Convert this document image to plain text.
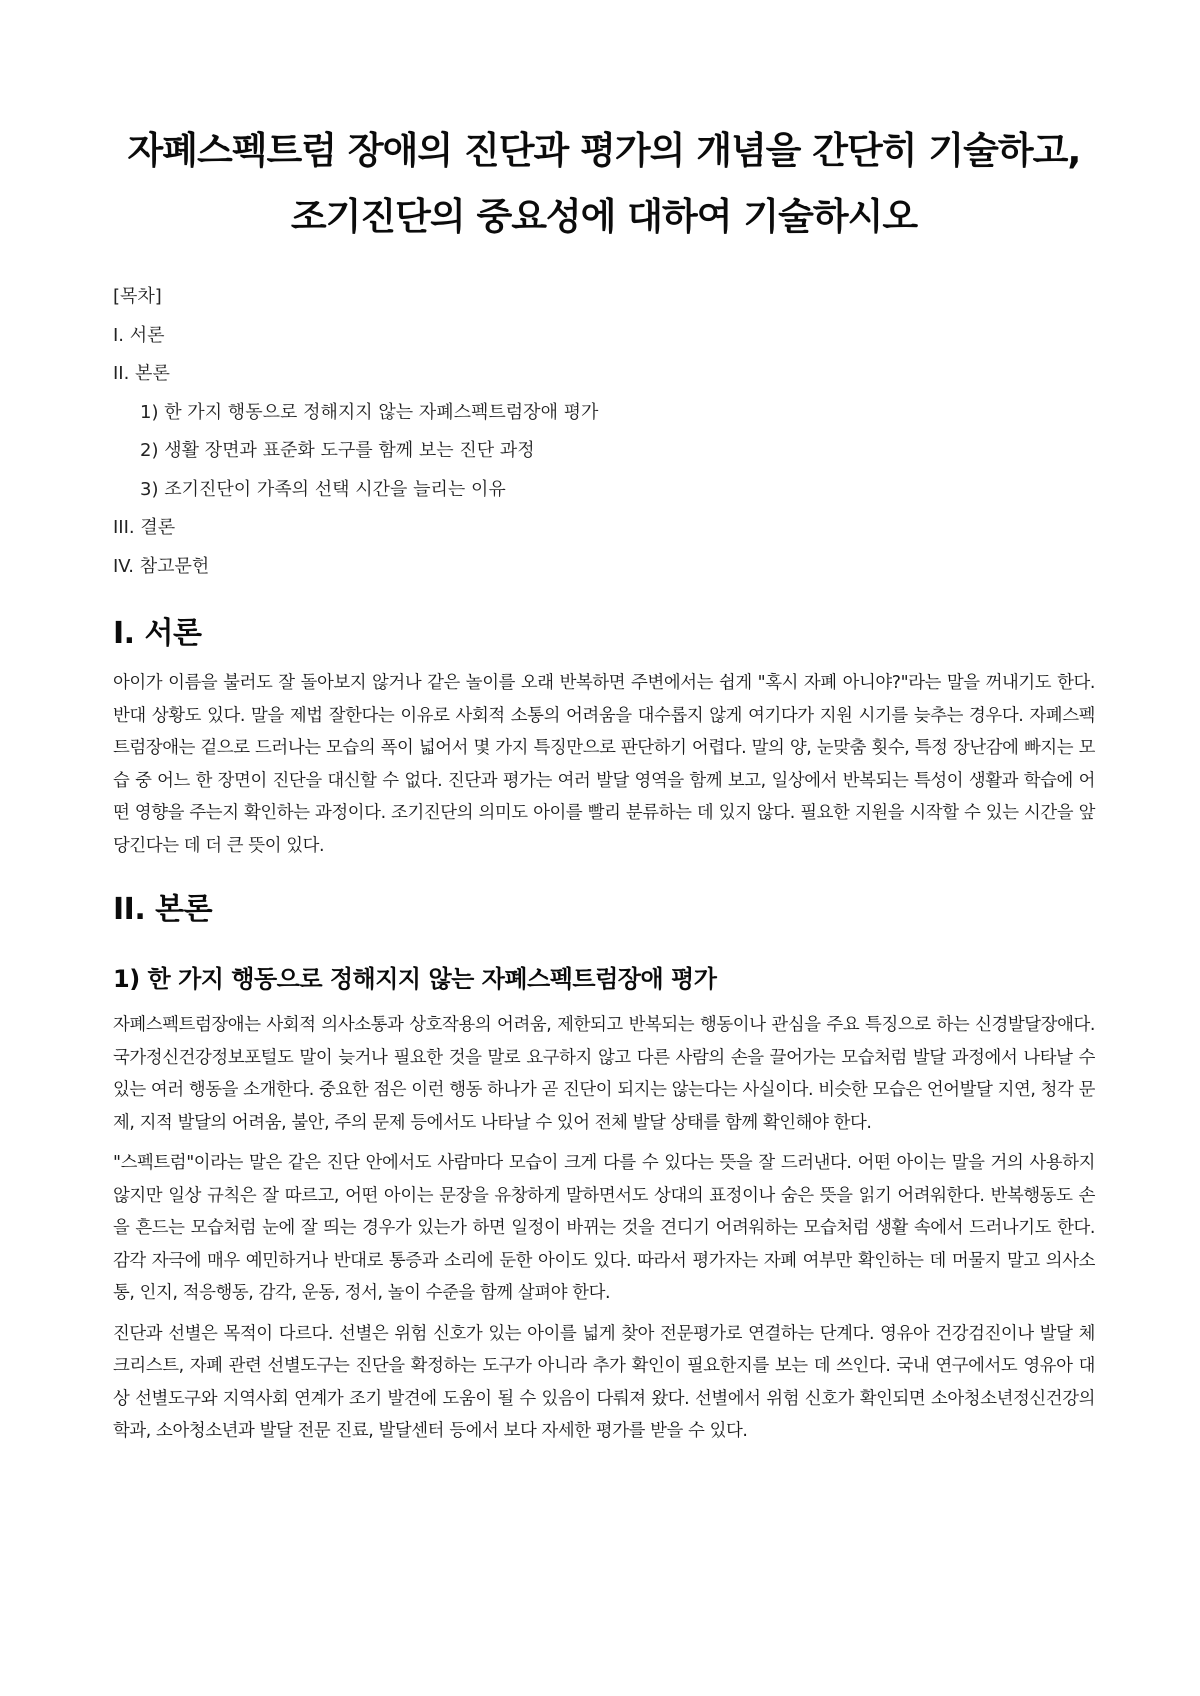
자폐스펙트럼 장애의 진단과 평가의 개념을 간단히 기술하고,
조기진단의 중요성에 대하여 기술하시오
[목차]
I. 서론
II. 본론
1) 한 가지 행동으로 정해지지 않는 자폐스펙트럼장애 평가
2) 생활 장면과 표준화 도구를 함께 보는 진단 과정
3) 조기진단이 가족의 선택 시간을 늘리는 이유
III. 결론
IV. 참고문헌
I. 서론

아이가 이름을 불러도 잘 돌아보지 않거나 같은 놀이를 오래 반복하면 주변에서는 쉽게 "혹시 자폐 아니야?"라는 말을 꺼내기도 한다. 반대 상황도 있다. 말을 제법 잘한다는 이유로 사회적 소통의 어려움을 대수롭지 않게 여기다가 지원 시기를 늦추는 경우다. 자폐스펙트럼장애는 겉으로 드러나는 모습의 폭이 넓어서 몇 가지 특징만으로 판단하기 어렵다. 말의 양, 눈맞춤 횟수, 특정 장난감에 빠지는 모습 중 어느 한 장면이 진단을 대신할 수 없다. 진단과 평가는 여러 발달 영역을 함께 보고, 일상에서 반복되는 특성이 생활과 학습에 어떤 영향을 주는지 확인하는 과정이다. 조기진단의 의미도 아이를 빨리 분류하는 데 있지 않다. 필요한 지원을 시작할 수 있는 시간을 앞당긴다는 데 더 큰 뜻이 있다.

II. 본론
1) 한 가지 행동으로 정해지지 않는 자폐스펙트럼장애 평가

자폐스펙트럼장애는 사회적 의사소통과 상호작용의 어려움, 제한되고 반복되는 행동이나 관심을 주요 특징으로 하는 신경발달장애다. 국가정신건강정보포털도 말이 늦거나 필요한 것을 말로 요구하지 않고 다른 사람의 손을 끌어가는 모습처럼 발달 과정에서 나타날 수 있는 여러 행동을 소개한다. 중요한 점은 이런 행동 하나가 곧 진단이 되지는 않는다는 사실이다. 비슷한 모습은 언어발달 지연, 청각 문제, 지적 발달의 어려움, 불안, 주의 문제 등에서도 나타날 수 있어 전체 발달 상태를 함께 확인해야 한다.

"스펙트럼"이라는 말은 같은 진단 안에서도 사람마다 모습이 크게 다를 수 있다는 뜻을 잘 드러낸다. 어떤 아이는 말을 거의 사용하지 않지만 일상 규칙은 잘 따르고, 어떤 아이는 문장을 유창하게 말하면서도 상대의 표정이나 숨은 뜻을 읽기 어려워한다. 반복행동도 손을 흔드는 모습처럼 눈에 잘 띄는 경우가 있는가 하면 일정이 바뀌는 것을 견디기 어려워하는 모습처럼 생활 속에서 드러나기도 한다. 감각 자극에 매우 예민하거나 반대로 통증과 소리에 둔한 아이도 있다. 따라서 평가자는 자폐 여부만 확인하는 데 머물지 말고 의사소통, 인지, 적응행동, 감각, 운동, 정서, 놀이 수준을 함께 살펴야 한다.

진단과 선별은 목적이 다르다. 선별은 위험 신호가 있는 아이를 넓게 찾아 전문평가로 연결하는 단계다. 영유아 건강검진이나 발달 체크리스트, 자폐 관련 선별도구는 진단을 확정하는 도구가 아니라 추가 확인이 필요한지를 보는 데 쓰인다. 국내 연구에서도 영유아 대상 선별도구와 지역사회 연계가 조기 발견에 도움이 될 수 있음이 다뤄져 왔다. 선별에서 위험 신호가 확인되면 소아청소년정신건강의학과, 소아청소년과 발달 전문 진료, 발달센터 등에서 보다 자세한 평가를 받을 수 있다.
